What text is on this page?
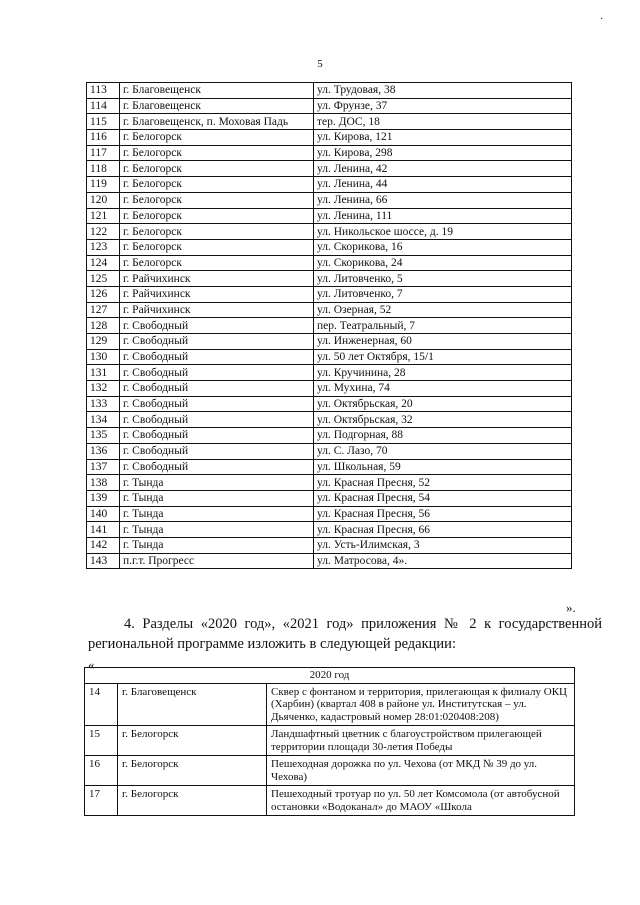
·
5
113	г. Благовещенск	ул. Трудовая, 38
114	г. Благовещенск	ул. Фрунзе, 37
115	г. Благовещенск, п. Моховая Падь	тер. ДОС, 18
116	г. Белогорск	ул. Кирова, 121
117	г. Белогорск	ул. Кирова, 298
118	г. Белогорск	ул. Ленина, 42
119	г. Белогорск	ул. Ленина, 44
120	г. Белогорск	ул. Ленина, 66
121	г. Белогорск	ул. Ленина, 111
122	г. Белогорск	ул. Никольское шоссе, д. 19
123	г. Белогорск	ул. Скорикова, 16
124	г. Белогорск	ул. Скорикова, 24
125	г. Райчихинск	ул. Литовченко, 5
126	г. Райчихинск	ул. Литовченко, 7
127	г. Райчихинск	ул. Озерная, 52
128	г. Свободный	пер. Театральный, 7
129	г. Свободный	ул. Инженерная, 60
130	г. Свободный	ул. 50 лет Октября, 15/1
131	г. Свободный	ул. Кручинина, 28
132	г. Свободный	ул. Мухина, 74
133	г. Свободный	ул. Октябрьская, 20
134	г. Свободный	ул. Октябрьская, 32
135	г. Свободный	ул. Подгорная, 88
136	г. Свободный	ул. С. Лазо, 70
137	г. Свободный	ул. Школьная, 59
138	г. Тында	ул. Красная Пресня, 52
139	г. Тында	ул. Красная Пресня, 54
140	г. Тында	ул. Красная Пресня, 56
141	г. Тында	ул. Красная Пресня, 66
142	г. Тында	ул. Усть-Илимская, 3
143	п.г.т. Прогресс	ул. Матросова, 4».
».
4. Разделы «2020 год», «2021 год» приложения № 2 к государственной
региональной программе изложить в следующей редакции:
«
2020 год		
14	г. Благовещенск	Сквер с фонтаном и территория, прилегающая к филиалу ОКЦ (Харбин) (квартал 408 в районе ул. Институтская – ул. Дьяченко, кадастровый номер 28:01:020408:208)
15	г. Белогорск	Ландшафтный цветник с благоустройством прилегающей территории площади 30-летия Победы
16	г. Белогорск	Пешеходная дорожка по ул. Чехова (от МКД № 39 до ул. Чехова)
17	г. Белогорск	Пешеходный тротуар по ул. 50 лет Комсомола (от автобусной остановки «Водоканал» до МАОУ «Школа
